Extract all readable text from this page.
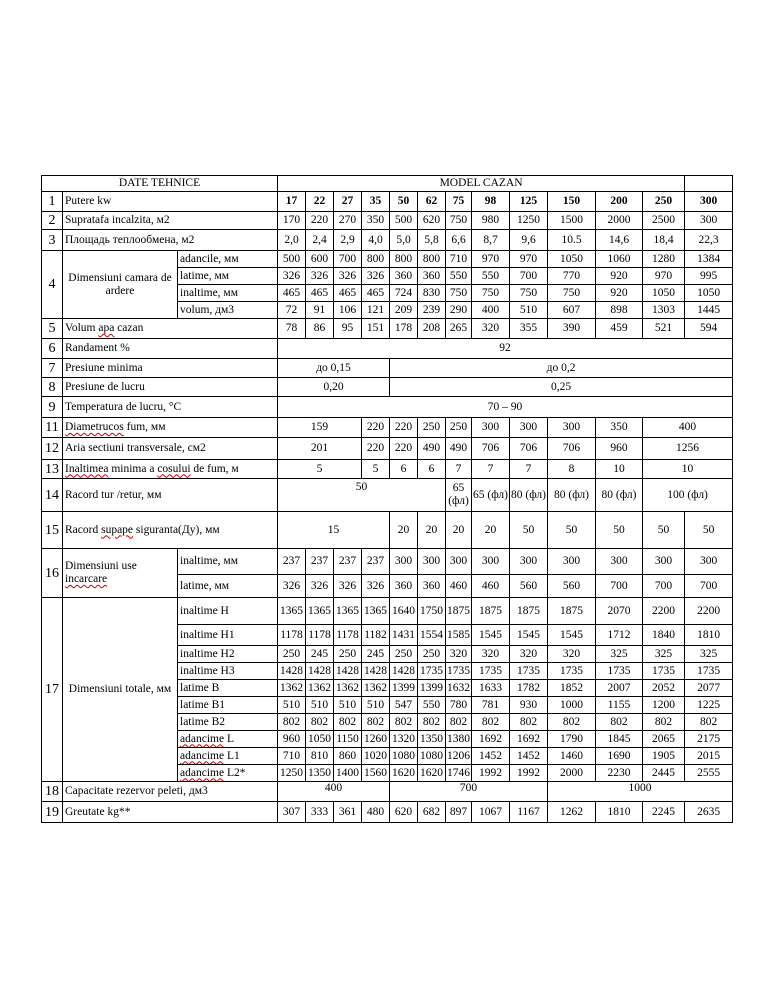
DATE TEHNICE			MODEL CAZAN												
1	Putere kw		17	22	27	35	50	62	75	98	125	150	200	250	300
2	Supratafa incalzita, м2		170	220	270	350	500	620	750	980	1250	1500	2000	2500	300
3	Площадь теплообмена, м2		2,0	2,4	2,9	4,0	5,0	5,8	6,6	8,7	9,6	10.5	14,6	18,4	22,3
4	Dimensiuni camara de ardere	adancile, мм	500	600	700	800	800	800	710	970	970	1050	1060	1280	1384
		latime, мм	326	326	326	326	360	360	550	550	700	770	920	970	995
		inaltime, мм	465	465	465	465	724	830	750	750	750	750	920	1050	1050
		volum, дм3	72	91	106	121	209	239	290	400	510	607	898	1303	1445
5	Volum apa cazan		78	86	95	151	178	208	265	320	355	390	459	521	594
6	Randament %		92												
7	Presiune minima		до 0,15				до 0,2								
8	Presiune de lucru		0,20				0,25								
9	Temperatura de lucru, °C		70 – 90												
11	Diametrucos fum, мм		159			220	220	250	250	300	300	300	350	400	
12	Aria sectiuni transversale, см2		201			220	220	490	490	706	706	706	960	1256	
13	Inaltimea minima a cosului de fum, м		5			5	6	6	7	7	7	8	10	10	
14	Racord tur /retur, мм		50						65 (фл)	65 (фл)	80 (фл)	80 (фл)	80 (фл)	100 (фл)	
15	Racord supape siguranta(Ду), мм		15				20	20	20	20	50	50	50	50	50
16	Dimensiuni use incarcare	inaltime, мм	237	237	237	237	300	300	300	300	300	300	300	300	300
		latime, мм	326	326	326	326	360	360	460	460	560	560	700	700	700
17	Dimensiuni totale, мм	inaltime H	1365	1365	1365	1365	1640	1750	1875	1875	1875	1875	2070	2200	2200
		inaltime H1	1178	1178	1178	1182	1431	1554	1585	1545	1545	1545	1712	1840	1810
		inaltime H2	250	245	250	245	250	250	320	320	320	320	325	325	325
		inaltime H3	1428	1428	1428	1428	1428	1735	1735	1735	1735	1735	1735	1735	1735
		latime B	1362	1362	1362	1362	1399	1399	1632	1633	1782	1852	2007	2052	2077
		latime B1	510	510	510	510	547	550	780	781	930	1000	1155	1200	1225
		latime B2	802	802	802	802	802	802	802	802	802	802	802	802	802
		adancime L	960	1050	1150	1260	1320	1350	1380	1692	1692	1790	1845	2065	2175
		adancime L1	710	810	860	1020	1080	1080	1206	1452	1452	1460	1690	1905	2015
		adancime L2*	1250	1350	1400	1560	1620	1620	1746	1992	1992	2000	2230	2445	2555
18	Capacitate rezervor peleti, дм3		400				700					1000			
19	Greutate kg**		307	333	361	480	620	682	897	1067	1167	1262	1810	2245	2635
